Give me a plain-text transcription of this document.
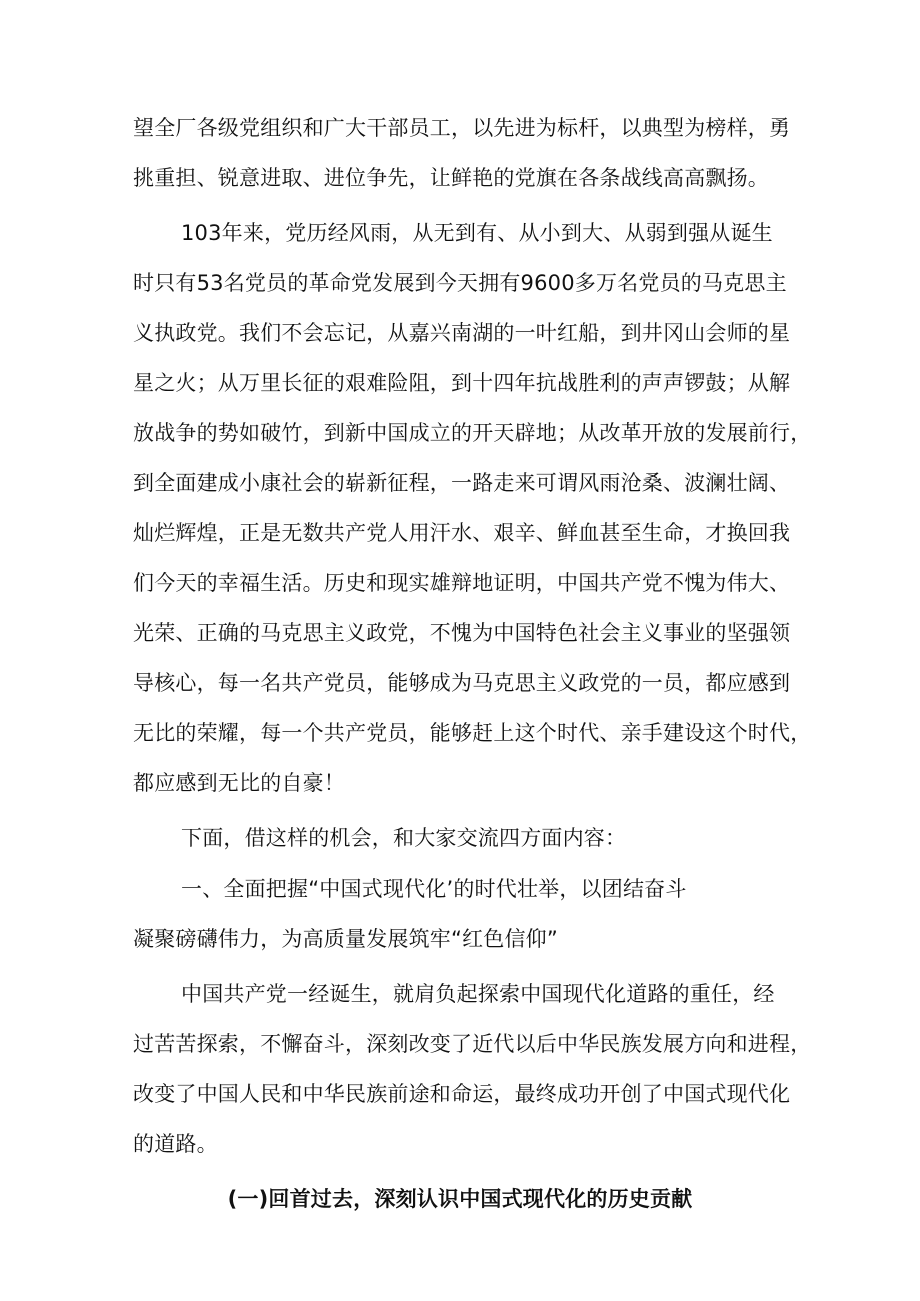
望全厂各级党组织和广大干部员工，以先进为标杆，以典型为榜样，勇
挑重担、锐意进取、进位争先，让鲜艳的党旗在各条战线高高飘扬。
103年来，党历经风雨，从无到有、从小到大、从弱到强从诞生
时只有53名党员的革命党发展到今天拥有9600多万名党员的马克思主
义执政党。我们不会忘记，从嘉兴南湖的一叶红船，到井冈山会师的星
星之火；从万里长征的艰难险阻，到十四年抗战胜利的声声锣鼓；从解
放战争的势如破竹，到新中国成立的开天辟地；从改革开放的发展前行，
到全面建成小康社会的崭新征程，一路走来可谓风雨沧桑、波澜壮阔、
灿烂辉煌，正是无数共产党人用汗水、艰辛、鲜血甚至生命，才换回我
们今天的幸福生活。历史和现实雄辩地证明，中国共产党不愧为伟大、
光荣、正确的马克思主义政党，不愧为中国特色社会主义事业的坚强领
导核心，每一名共产党员，能够成为马克思主义政党的一员，都应感到
无比的荣耀，每一个共产党员，能够赶上这个时代、亲手建设这个时代，
都应感到无比的自豪！
下面，借这样的机会，和大家交流四方面内容：
一、全面把握“中国式现代化’的时代壮举，以团结奋斗
凝聚磅礴伟力，为高质量发展筑牢“红色信仰”
中国共产党一经诞生，就肩负起探索中国现代化道路的重任，经
过苦苦探索，不懈奋斗，深刻改变了近代以后中华民族发展方向和进程，
改变了中国人民和中华民族前途和命运，最终成功开创了中国式现代化
的道路。
(一)回首过去，深刻认识中国式现代化的历史贡献
